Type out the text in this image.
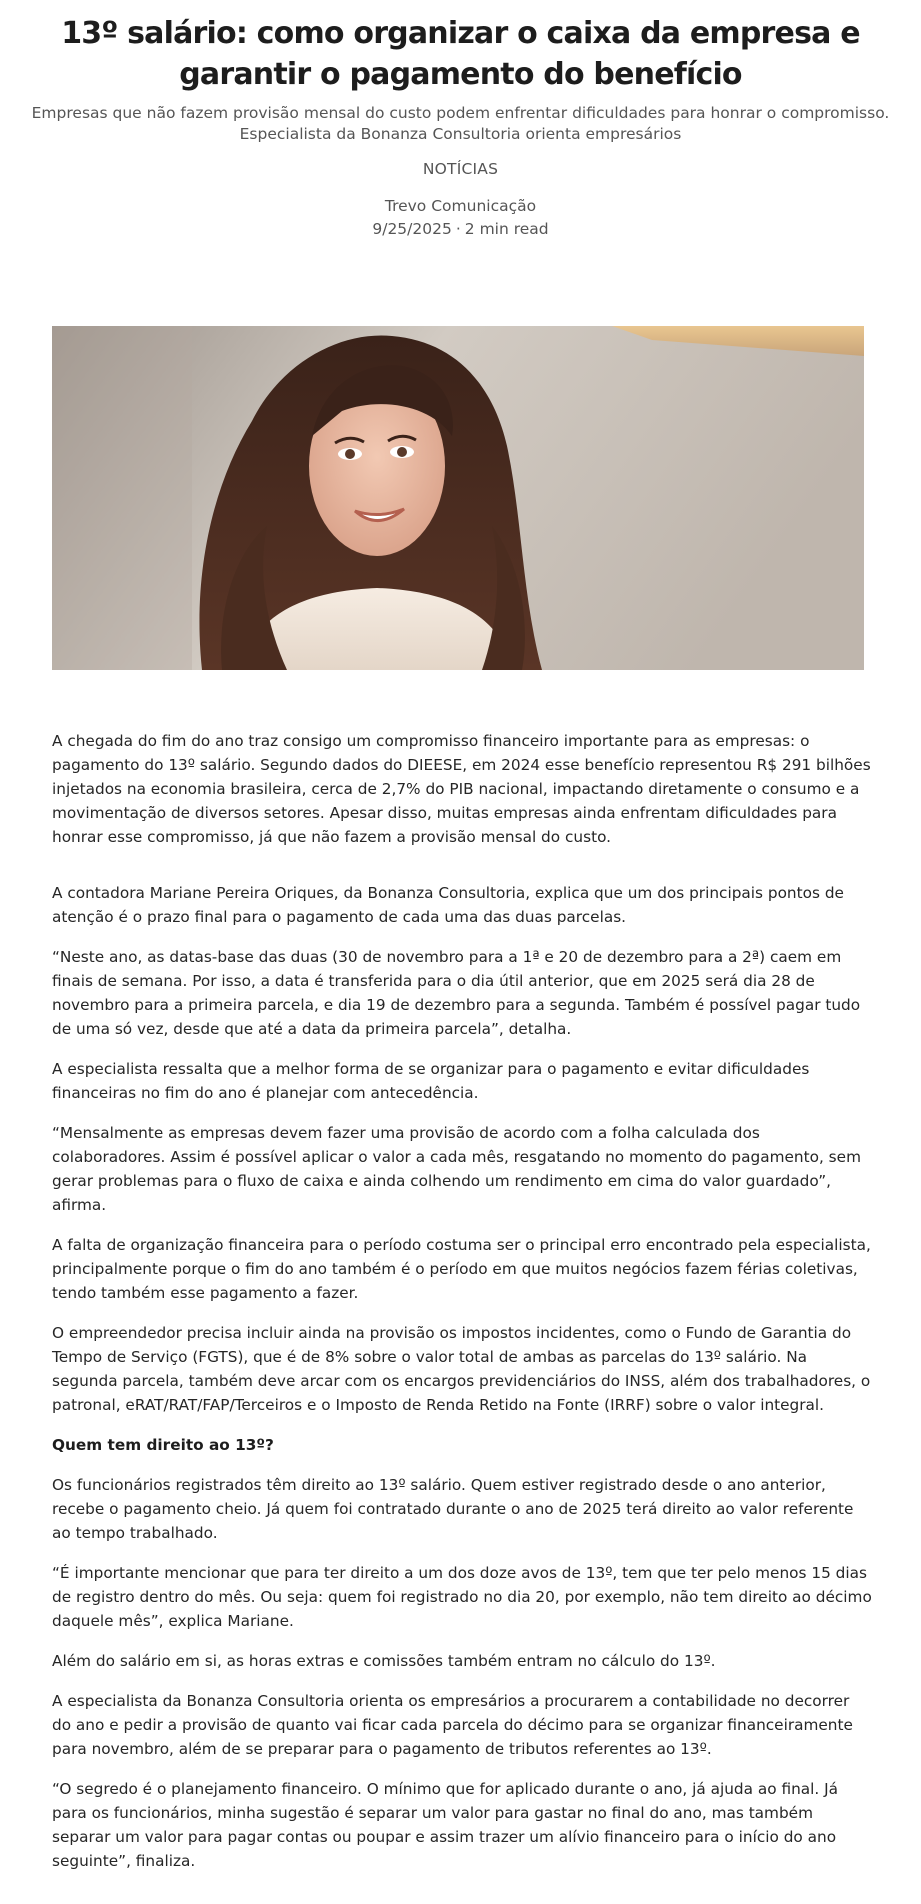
13º salário: como organizar o caixa da empresa e garantir o pagamento do benefício

Empresas que não fazem provisão mensal do custo podem enfrentar dificuldades para honrar o compromisso. Especialista da Bonanza Consultoria orienta empresários

NOTÍCIAS
Trevo Comunicação
9/25/2025 · 2 min read

A chegada do fim do ano traz consigo um compromisso financeiro importante para as empresas: o pagamento do 13º salário. Segundo dados do DIEESE, em 2024 esse benefício representou R$ 291 bilhões injetados na economia brasileira, cerca de 2,7% do PIB nacional, impactando diretamente o consumo e a movimentação de diversos setores. Apesar disso, muitas empresas ainda enfrentam dificuldades para honrar esse compromisso, já que não fazem a provisão mensal do custo.

A contadora Mariane Pereira Oriques, da Bonanza Consultoria, explica que um dos principais pontos de atenção é o prazo final para o pagamento de cada uma das duas parcelas.

“Neste ano, as datas-base das duas (30 de novembro para a 1ª e 20 de dezembro para a 2ª) caem em finais de semana. Por isso, a data é transferida para o dia útil anterior, que em 2025 será dia 28 de novembro para a primeira parcela, e dia 19 de dezembro para a segunda. Também é possível pagar tudo de uma só vez, desde que até a data da primeira parcela”, detalha.

A especialista ressalta que a melhor forma de se organizar para o pagamento e evitar dificuldades financeiras no fim do ano é planejar com antecedência.

“Mensalmente as empresas devem fazer uma provisão de acordo com a folha calculada dos colaboradores. Assim é possível aplicar o valor a cada mês, resgatando no momento do pagamento, sem gerar problemas para o fluxo de caixa e ainda colhendo um rendimento em cima do valor guardado”, afirma.

A falta de organização financeira para o período costuma ser o principal erro encontrado pela especialista, principalmente porque o fim do ano também é o período em que muitos negócios fazem férias coletivas, tendo também esse pagamento a fazer.

O empreendedor precisa incluir ainda na provisão os impostos incidentes, como o Fundo de Garantia do Tempo de Serviço (FGTS), que é de 8% sobre o valor total de ambas as parcelas do 13º salário. Na segunda parcela, também deve arcar com os encargos previdenciários do INSS, além dos trabalhadores, o patronal, eRAT/RAT/FAP/Terceiros e o Imposto de Renda Retido na Fonte (IRRF) sobre o valor integral.

Quem tem direito ao 13º?

Os funcionários registrados têm direito ao 13º salário. Quem estiver registrado desde o ano anterior, recebe o pagamento cheio. Já quem foi contratado durante o ano de 2025 terá direito ao valor referente ao tempo trabalhado.

“É importante mencionar que para ter direito a um dos doze avos de 13º, tem que ter pelo menos 15 dias de registro dentro do mês. Ou seja: quem foi registrado no dia 20, por exemplo, não tem direito ao décimo daquele mês”, explica Mariane.

Além do salário em si, as horas extras e comissões também entram no cálculo do 13º.

A especialista da Bonanza Consultoria orienta os empresários a procurarem a contabilidade no decorrer do ano e pedir a provisão de quanto vai ficar cada parcela do décimo para se organizar financeiramente para novembro, além de se preparar para o pagamento de tributos referentes ao 13º.

“O segredo é o planejamento financeiro. O mínimo que for aplicado durante o ano, já ajuda ao final. Já para os funcionários, minha sugestão é separar um valor para gastar no final do ano, mas também separar um valor para pagar contas ou poupar e assim trazer um alívio financeiro para o início do ano seguinte”, finaliza.
